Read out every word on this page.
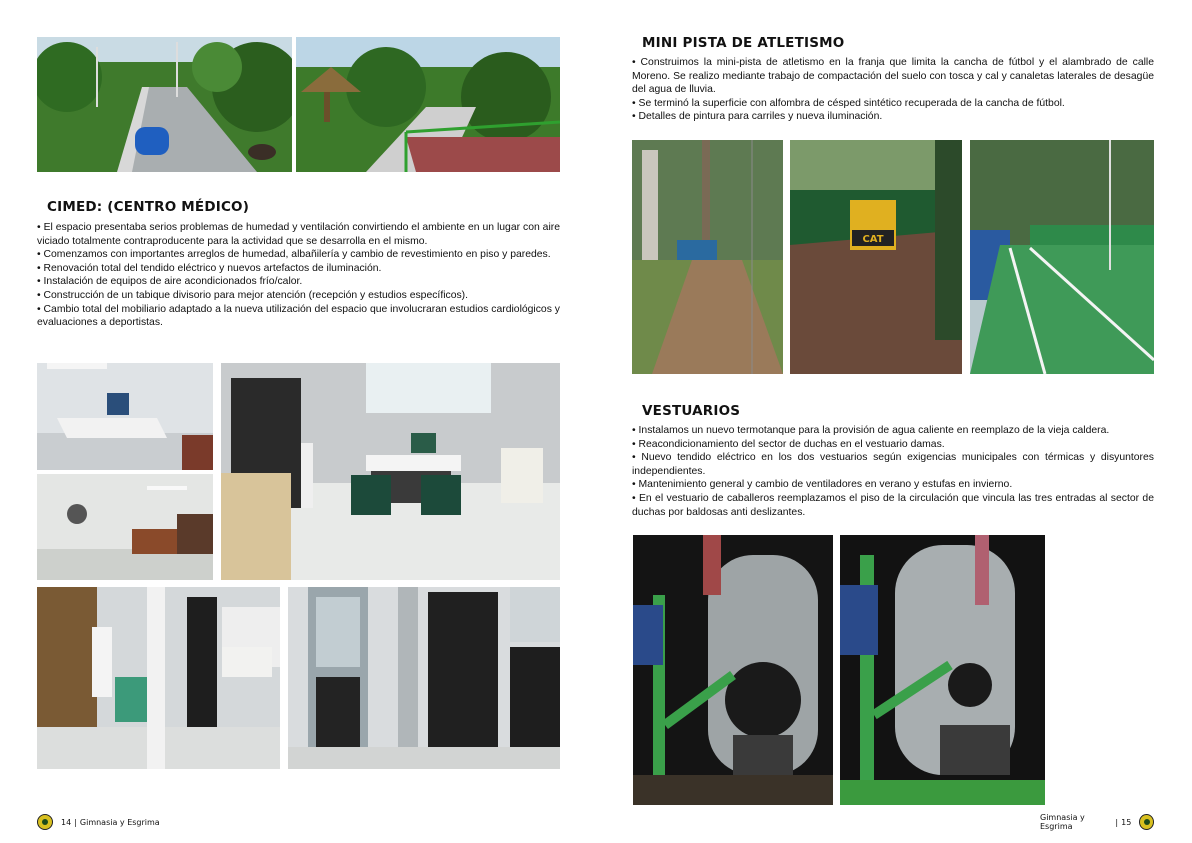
CIMED: (CENTRO MÉDICO)
• El espacio presentaba serios problemas de humedad y ventilación convirtiendo el ambiente en un lugar con aire viciado totalmente contraproducente para la actividad que se desarrolla en el mismo.
• Comenzamos con importantes arreglos de humedad, albañilería y cambio de revestimiento en piso y paredes.
• Renovación total del tendido eléctrico y nuevos artefactos de iluminación.
• Instalación de equipos de aire acondicionados frío/calor.
• Construcción de un tabique divisorio para mejor atención (recepción y estudios específicos).
• Cambio total del mobiliario adaptado a la nueva utilización del espacio que involucraran estudios cardiológicos y evaluaciones a deportistas.
14 | Gimnasia y Esgrima
MINI PISTA DE ATLETISMO
• Construimos la mini-pista de atletismo en la franja que limita la cancha de fútbol y el alambrado de calle Moreno. Se realizo mediante trabajo de compactación del suelo con tosca y cal y canaletas laterales de desagüe del agua de lluvia.
• Se terminó la superficie con alfombra de césped sintético recuperada de la cancha de fútbol.
• Detalles de pintura para carriles y nueva iluminación.
CAT
VESTUARIOS
• Instalamos un nuevo termotanque para la provisión de agua caliente en reemplazo de la vieja caldera.
• Reacondicionamiento del sector de duchas en el vestuario damas.
• Nuevo tendido eléctrico en los dos vestuarios según exigencias municipales con térmicas y disyuntores independientes.
• Mantenimiento general y cambio de ventiladores en verano y estufas en invierno.
• En el vestuario de caballeros reemplazamos el piso de la circulación que vincula las tres entradas al sector de duchas por baldosas anti deslizantes.
Gimnasia y Esgrima	| 15
